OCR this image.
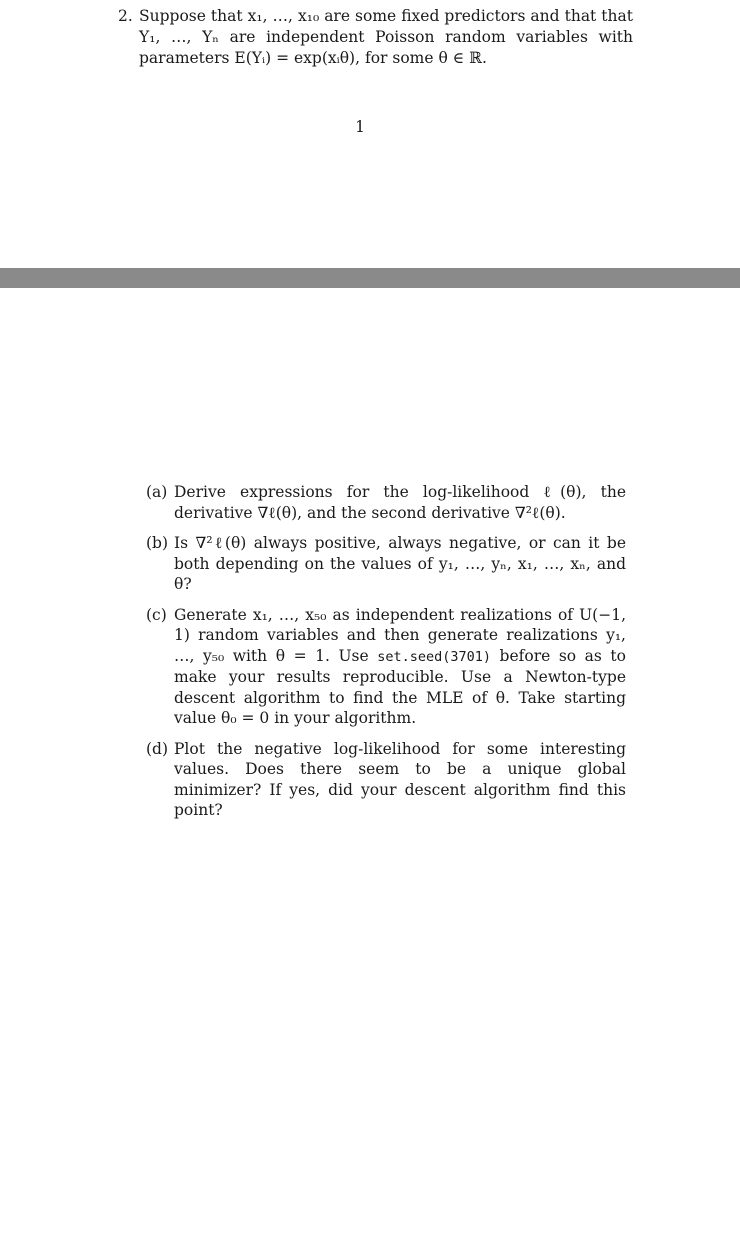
2. Suppose that x₁, …, x₁₀ are some fixed predictors and that that Y₁, …, Yₙ are independent Poisson random variables with parameters E(Yᵢ) = exp(xᵢθ), for some θ ∈ ℝ.
1
(a) Derive expressions for the log-likelihood ℓ(θ), the derivative ∇ℓ(θ), and the second derivative ∇²ℓ(θ).
(b) Is ∇²ℓ(θ) always positive, always negative, or can it be both depending on the values of y₁, …, yₙ, x₁, …, xₙ, and θ?
(c) Generate x₁, …, x₅₀ as independent realizations of U(−1, 1) random variables and then generate realizations y₁, …, y₅₀ with θ = 1. Use set.seed(3701) before so as to make your results reproducible. Use a Newton-type descent algorithm to find the MLE of θ. Take starting value θ₀ = 0 in your algorithm.
(d) Plot the negative log-likelihood for some interesting values. Does there seem to be a unique global minimizer? If yes, did your descent algorithm find this point?
